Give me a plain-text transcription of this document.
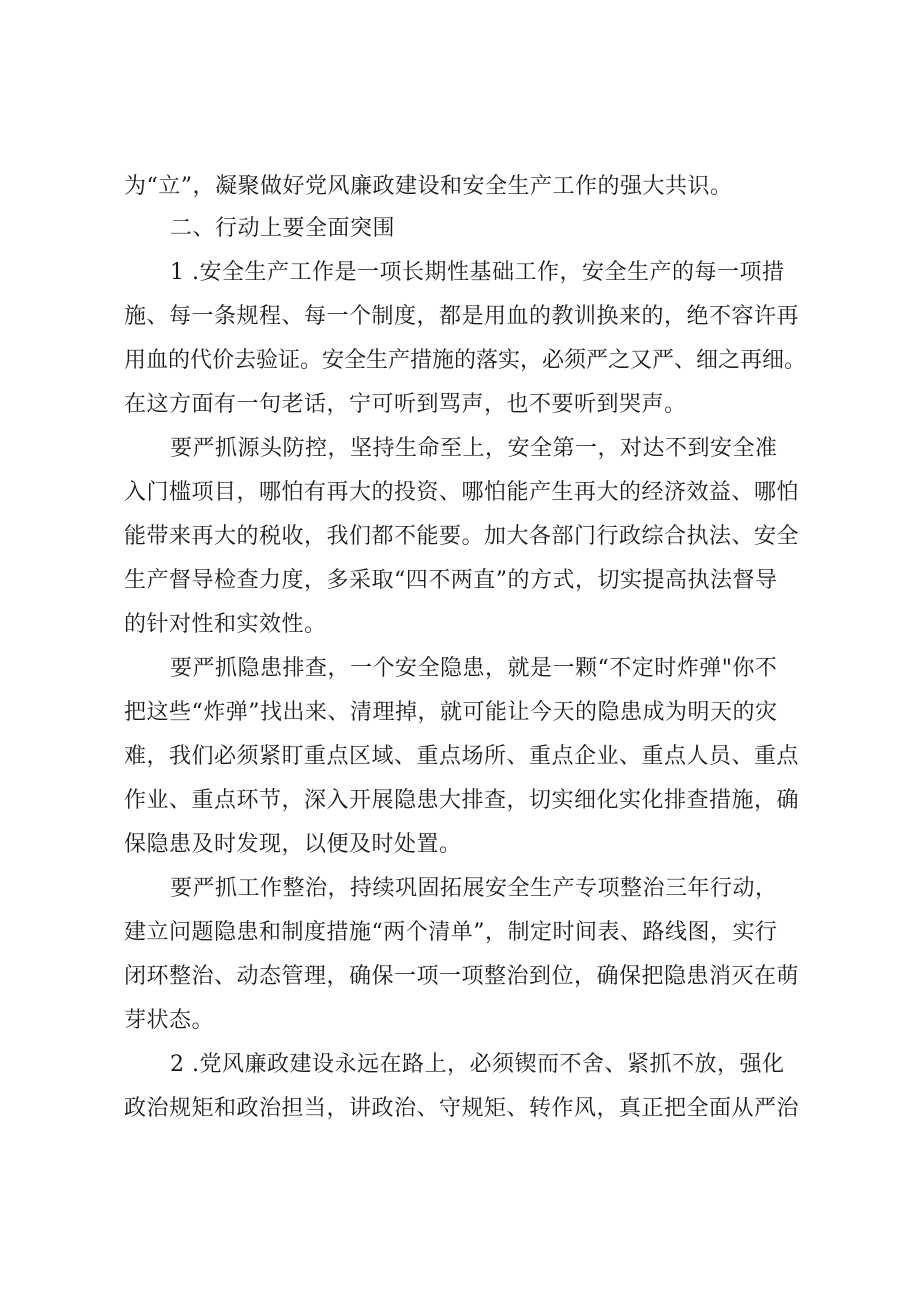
为“立”，凝聚做好党风廉政建设和安全生产工作的强大共识。
二、行动上要全面突围
1 .安全生产工作是一项长期性基础工作，安全生产的每一项措
施、每一条规程、每一个制度，都是用血的教训换来的，绝不容许再
用血的代价去验证。安全生产措施的落实，必须严之又严、细之再细。
在这方面有一句老话，宁可听到骂声，也不要听到哭声。
要严抓源头防控，坚持生命至上，安全第一，对达不到安全准
入门槛项目，哪怕有再大的投资、哪怕能产生再大的经济效益、哪怕
能带来再大的税收，我们都不能要。加大各部门行政综合执法、安全
生产督导检查力度，多采取“四不两直”的方式，切实提高执法督导
的针对性和实效性。
要严抓隐患排查，一个安全隐患，就是一颗“不定时炸弹"你不
把这些“炸弹”找出来、清理掉，就可能让今天的隐患成为明天的灾
难，我们必须紧盯重点区域、重点场所、重点企业、重点人员、重点
作业、重点环节，深入开展隐患大排查，切实细化实化排查措施，确
保隐患及时发现，以便及时处置。
要严抓工作整治，持续巩固拓展安全生产专项整治三年行动，
建立问题隐患和制度措施“两个清单”，制定时间表、路线图，实行
闭环整治、动态管理，确保一项一项整治到位，确保把隐患消灭在萌
芽状态。
2 .党风廉政建设永远在路上，必须锲而不舍、紧抓不放，强化
政治规矩和政治担当，讲政治、守规矩、转作风，真正把全面从严治
